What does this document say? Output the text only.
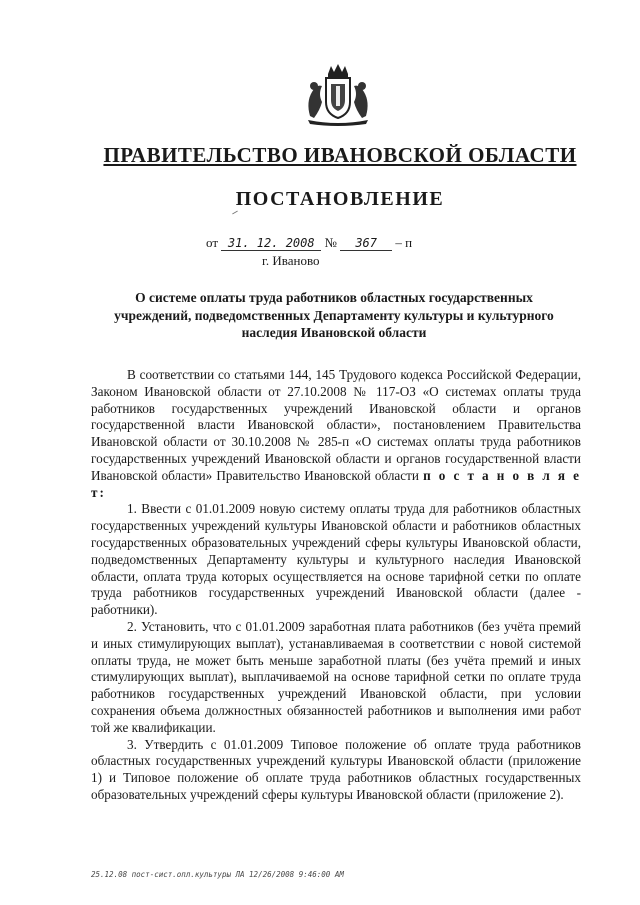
ПРАВИТЕЛЬСТВО ИВАНОВСКОЙ ОБЛАСТИ
ПОСТАНОВЛЕНИЕ
от 31. 12. 2008 № 367 – п
г. Иваново
О системе оплаты труда работников областных государственных учреждений, подведомственных Департаменту культуры и культурного наследия Ивановской области

В соответствии со статьями 144, 145 Трудового кодекса Российской Федерации, Законом Ивановской области от 27.10.2008 № 117-ОЗ «О системах оплаты труда работников государственных учреждений Ивановской области и органов государственной власти Ивановской области», постановлением Правительства Ивановской области от 30.10.2008 № 285-п «О системах оплаты труда работников государственных учреждений Ивановской области и органов государственной власти Ивановской области» Правительство Ивановской области п о с т а н о в л я е т:

1. Ввести с 01.01.2009 новую систему оплаты труда для работников областных государственных учреждений культуры Ивановской области и работников областных государственных образовательных учреждений сферы культуры Ивановской области, подведомственных Департаменту культуры и культурного наследия Ивановской области, оплата труда которых осуществляется на основе тарифной сетки по оплате труда работников государственных учреждений Ивановской области (далее - работники).

2. Установить, что с 01.01.2009 заработная плата работников (без учёта премий и иных стимулирующих выплат), устанавливаемая в соответствии с новой системой оплаты труда, не может быть меньше заработной платы (без учёта премий и иных стимулирующих выплат), выплачиваемой на основе тарифной сетки по оплате труда работников государственных учреждений Ивановской области, при условии сохранения объема должностных обязанностей работников и выполнения ими работ той же квалификации.

3. Утвердить с 01.01.2009 Типовое положение об оплате труда работников областных государственных учреждений культуры Ивановской области (приложение 1) и Типовое положение об оплате труда работников областных государственных образовательных учреждений сферы культуры Ивановской области (приложение 2).

25.12.08 пост-сист.опл.культуры ЛА 12/26/2008 9:46:00 AM
